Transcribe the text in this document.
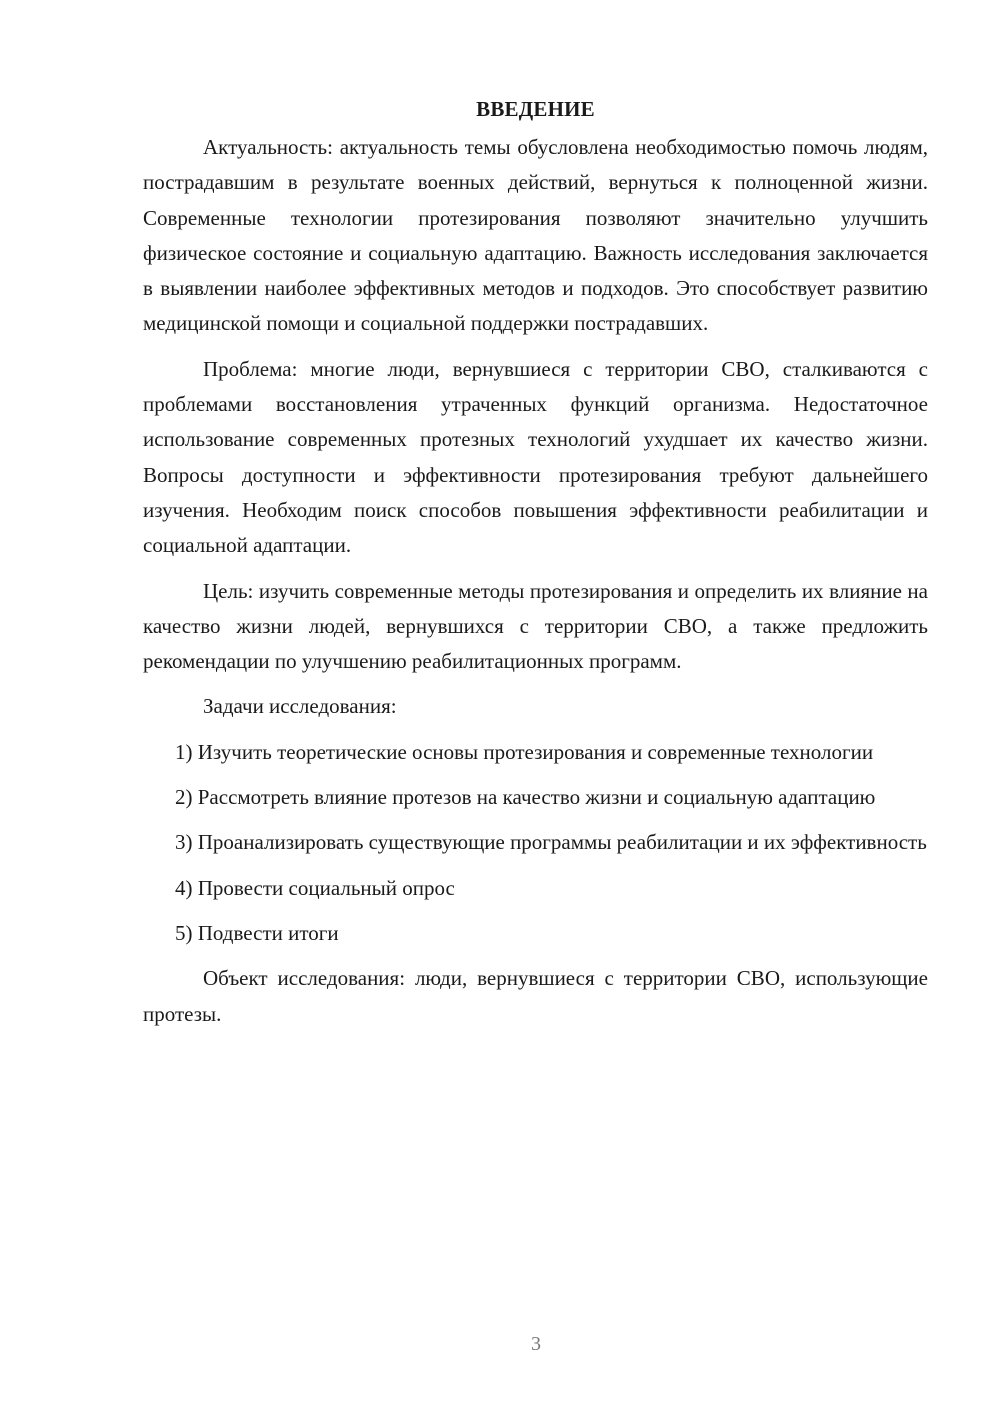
ВВЕДЕНИЕ

Актуальность: актуальность темы обусловлена необходимостью помочь людям, пострадавшим в результате военных действий, вернуться к полноценной жизни. Современные технологии протезирования позволяют значительно улучшить физическое состояние и социальную адаптацию. Важность исследования заключается в выявлении наиболее эффективных методов и подходов. Это способствует развитию медицинской помощи и социальной поддержки пострадавших.

Проблема: многие люди, вернувшиеся с территории СВО, сталкиваются с проблемами восстановления утраченных функций организма. Недостаточное использование современных протезных технологий ухудшает их качество жизни. Вопросы доступности и эффективности протезирования требуют дальнейшего изучения. Необходим поиск способов повышения эффективности реабилитации и социальной адаптации.

Цель: изучить современные методы протезирования и определить их влияние на качество жизни людей, вернувшихся с территории СВО, а также предложить рекомендации по улучшению реабилитационных программ.

Задачи исследования:

1) Изучить теоретические основы протезирования и современные технологии

2) Рассмотреть влияние протезов на качество жизни и социальную адаптацию

3) Проанализировать существующие программы реабилитации и их эффективность

4) Провести социальный опрос

5) Подвести итоги

Объект исследования: люди, вернувшиеся с территории СВО, использующие протезы.

3
